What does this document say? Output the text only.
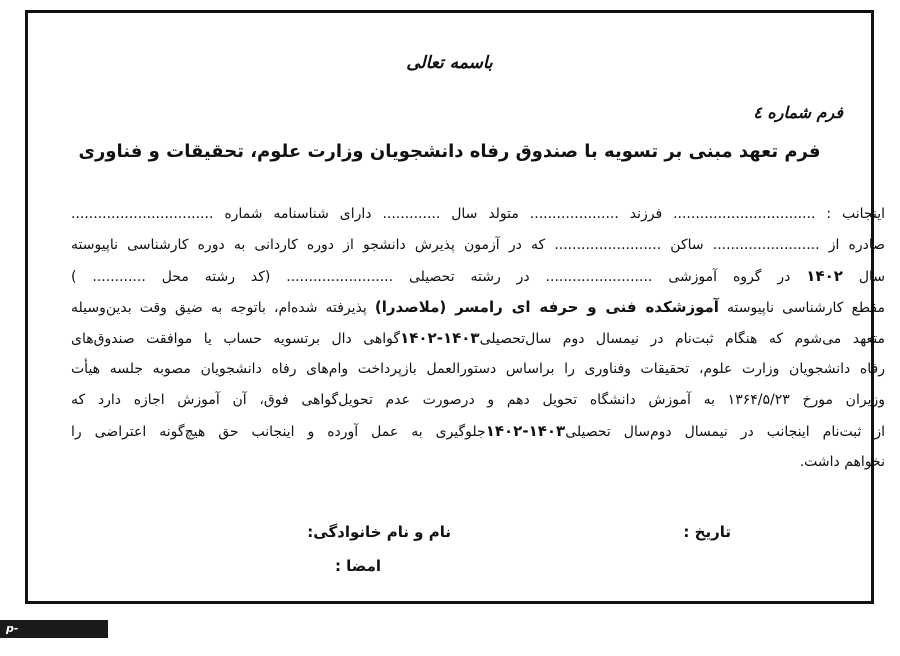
باسمه تعالی
فرم شماره ٤
فرم تعهد مبنی بر تسویه با صندوق رفاه دانشجویان وزارت علوم، تحقیقات و فناوری
اینجانب : ................................ فرزند .................... متولد سال ............. دارای شناسنامه شماره ................................
صادره از ........................ ساکن ........................ که در آزمون پذیرش دانشجو از دوره کاردانی به دوره کارشناسی ناپیوسته
سال ۱۴۰۲ در گروه آموزشی ........................ در رشته تحصیلی ........................ (کد رشته محل ............ )
مقطع کارشناسی ناپیوسته آموزشکده فنی و حرفه ای رامسر (ملاصدرا) پذیرفته شده‌ام، باتوجه به ضیق وقت بدین‌وسیله
متعهد می‌شوم که هنگام ثبت‌نام در نیمسال دوم سال‌تحصیلی۱۴۰۳-۱۴۰۲گواهی دال برتسویه حساب یا موافقت صندوق‌های
رفاه دانشجویان وزارت علوم، تحقیقات وفناوری را براساس دستورالعمل بازپرداخت وام‌های رفاه دانشجویان مصوبه جلسه هیأت
وزیران مورخ ۱۳۶۴/۵/۲۳ به آموزش دانشگاه تحویل دهم و درصورت عدم تحویل‌گواهی فوق، آن آموزش اجازه دارد که
از ثبت‌نام اینجانب در نیمسال دوم‌سال تحصیلی۱۴۰۳-۱۴۰۲جلوگیری به عمل آورده و اینجانب حق هیچ‌گونه اعتراضی را
نخواهم داشت.
تاریخ :
نام و نام خانوادگی:
امضا :
p-ramsar.nus.ac.ir
